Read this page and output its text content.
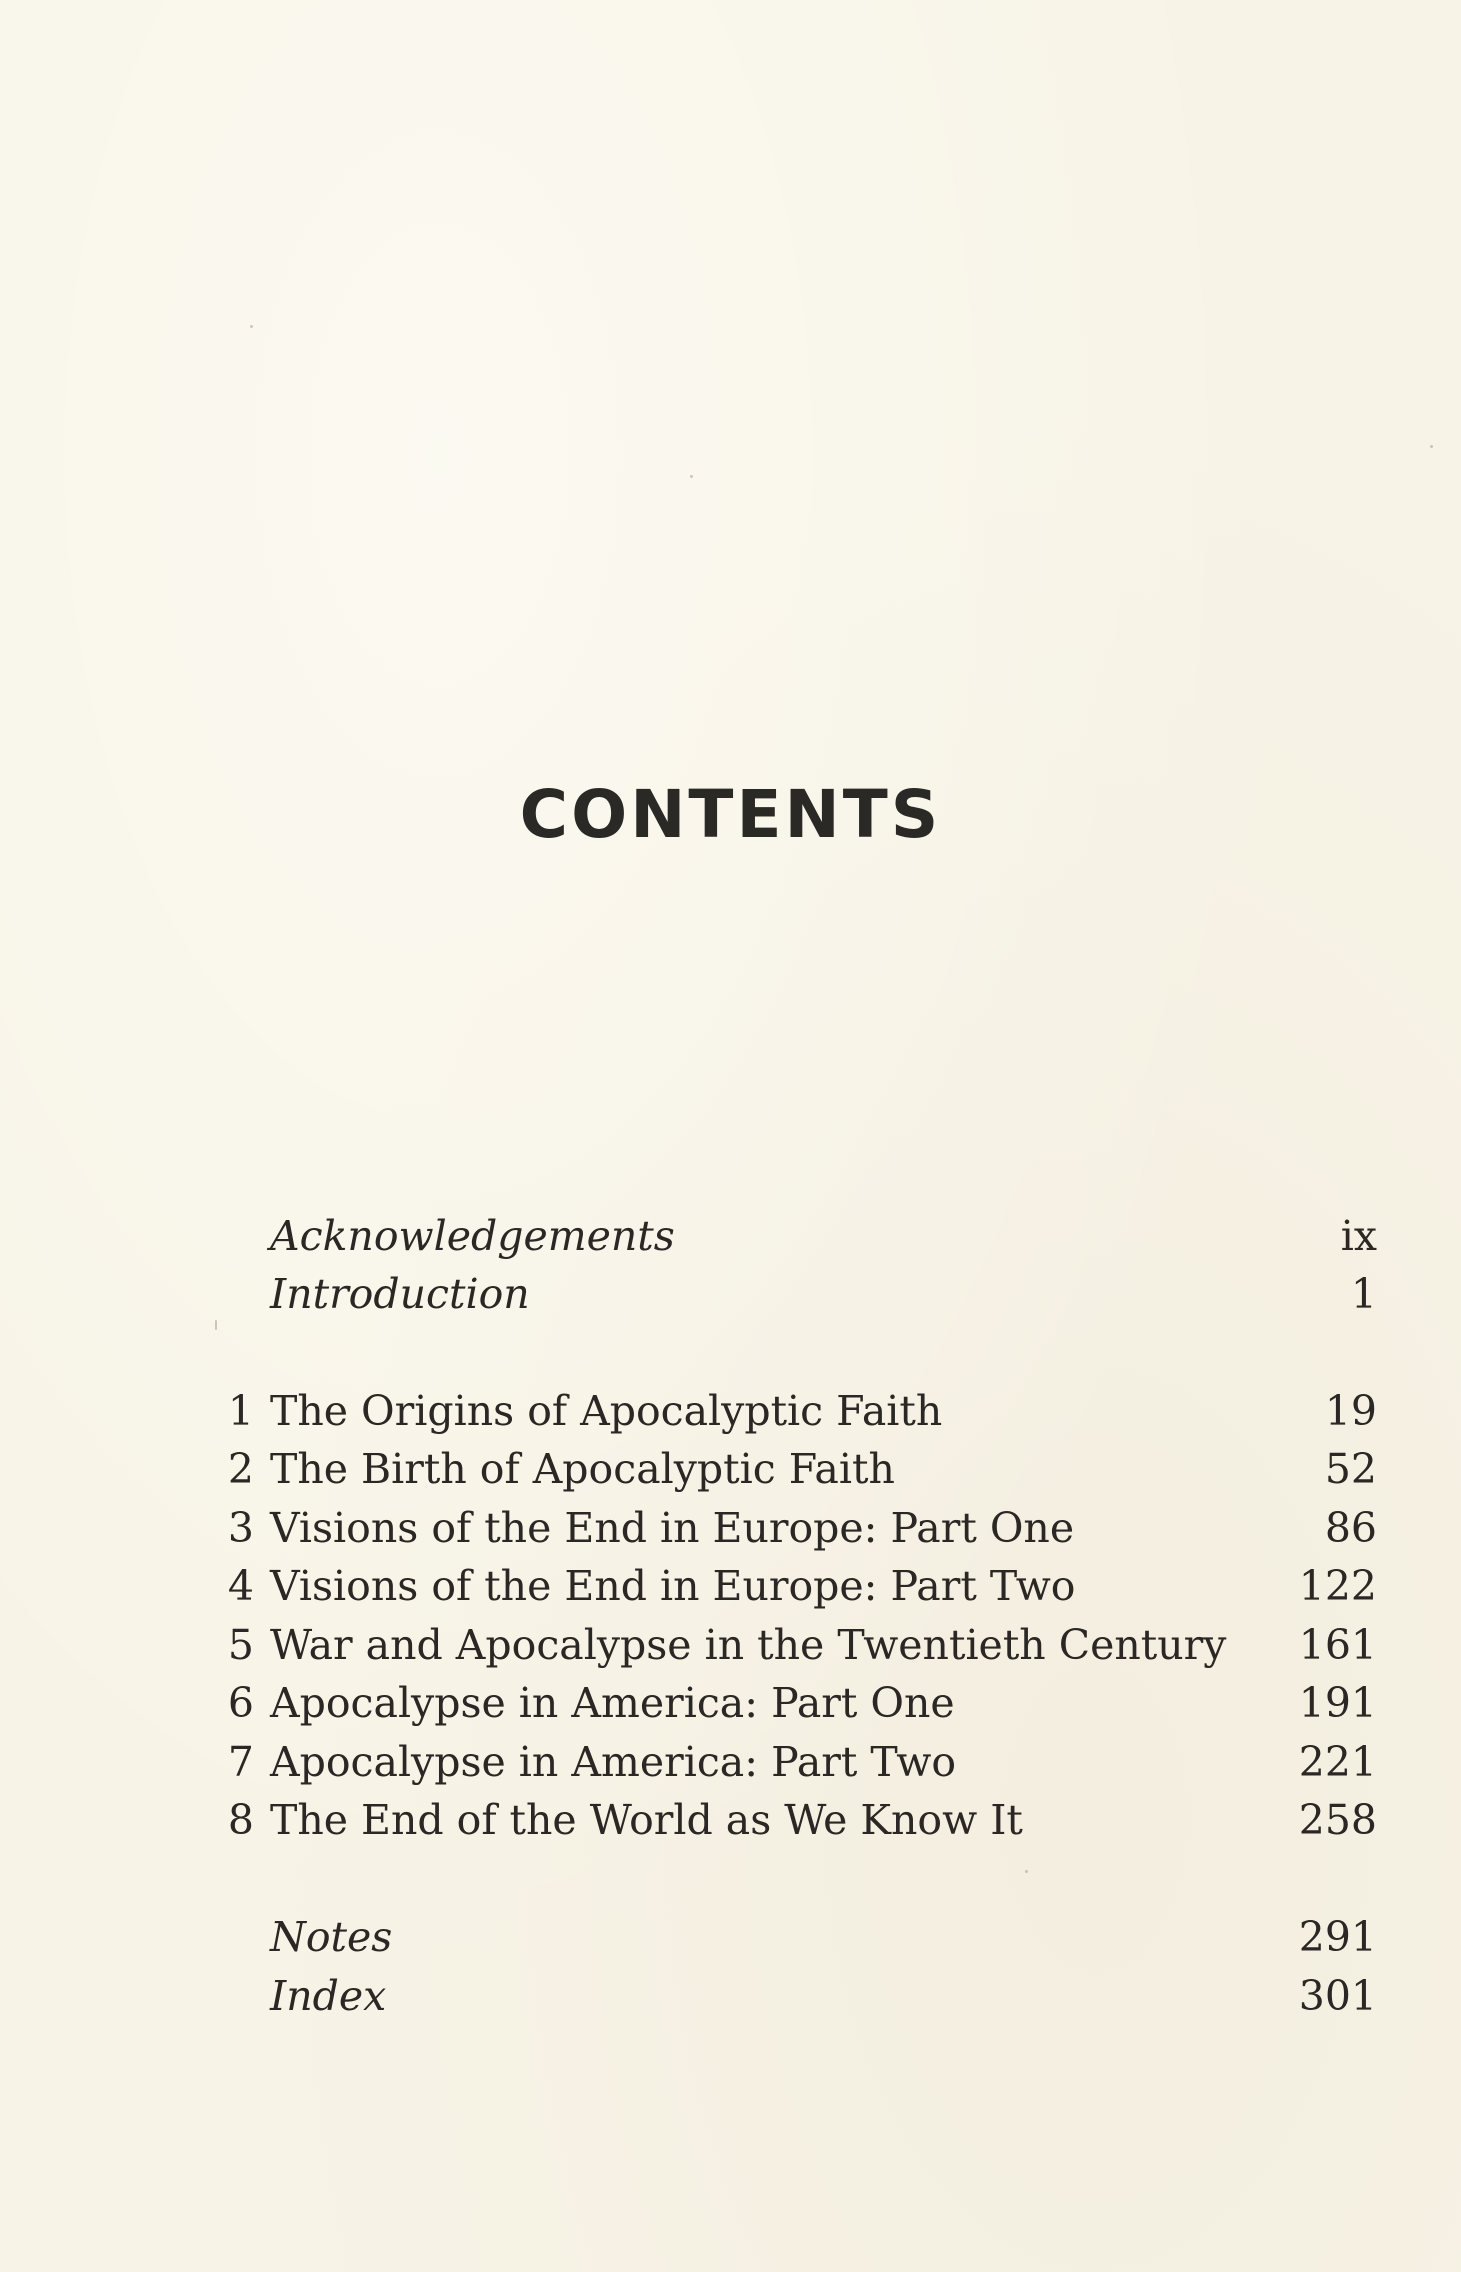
CONTENTS
Acknowledgements	ix
Introduction	1
1 The Origins of Apocalyptic Faith	19
2 The Birth of Apocalyptic Faith	52
3 Visions of the End in Europe: Part One	86
4 Visions of the End in Europe: Part Two	122
5 War and Apocalypse in the Twentieth Century 161
6 Apocalypse in America: Part One	191
7 Apocalypse in America: Part Two	221
8 The End of the World as We Know It	258
Notes	291
Index	301
